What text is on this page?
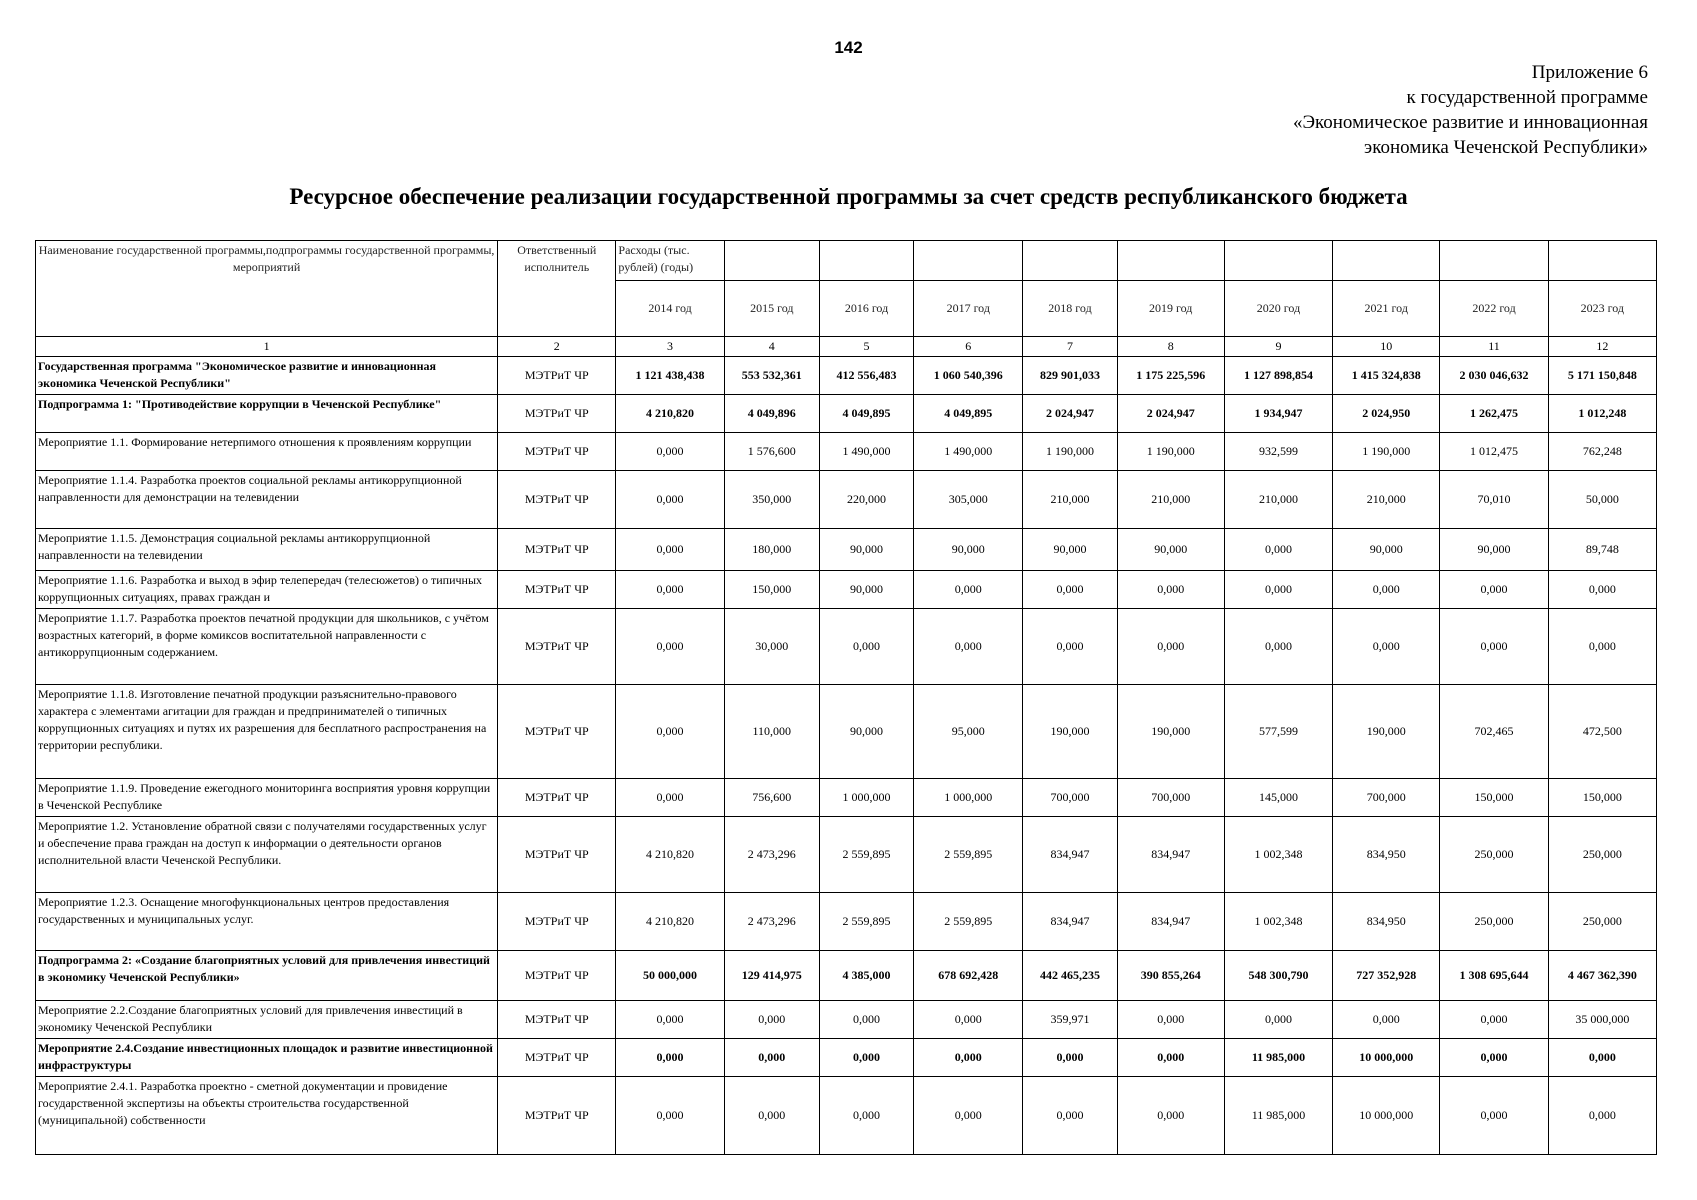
142
Приложение 6
к государственной программе
«Экономическое развитие и инновационная
экономика Чеченской Республики»
Ресурсное обеспечение реализации государственной программы за счет средств республиканского бюджета
Наименование государственной программы,подпрограммы государственной программы, мероприятий	Ответственный исполнитель	Расходы (тыс. рублей) (годы)									
		2014 год	2015 год	2016 год	2017 год	2018 год	2019 год	2020 год	2021 год	2022 год	2023 год
1	2	3	4	5	6	7	8	9	10	11	12
Государственная программа "Экономическое развитие и инновационная экономика Чеченской Республики"	МЭТРиТ ЧР	1 121 438,438	553 532,361	412 556,483	1 060 540,396	829 901,033	1 175 225,596	1 127 898,854	1 415 324,838	2 030 046,632	5 171 150,848
Подпрограмма 1: "Противодействие коррупции в Чеченской Республике"	МЭТРиТ ЧР	4 210,820	4 049,896	4 049,895	4 049,895	2 024,947	2 024,947	1 934,947	2 024,950	1 262,475	1 012,248
Мероприятие 1.1. Формирование нетерпимого отношения к проявлениям коррупции	МЭТРиТ ЧР	0,000	1 576,600	1 490,000	1 490,000	1 190,000	1 190,000	932,599	1 190,000	1 012,475	762,248
Мероприятие 1.1.4. Разработка проектов социальной рекламы антикоррупционной направленности для демонстрации на телевидении	МЭТРиТ ЧР	0,000	350,000	220,000	305,000	210,000	210,000	210,000	210,000	70,010	50,000
Мероприятие 1.1.5. Демонстрация социальной рекламы антикоррупционной направленности на телевидении	МЭТРиТ ЧР	0,000	180,000	90,000	90,000	90,000	90,000	0,000	90,000	90,000	89,748
Мероприятие 1.1.6. Разработка и выход в эфир телепередач (телесюжетов) о типичных коррупционных ситуациях, правах граждан и	МЭТРиТ ЧР	0,000	150,000	90,000	0,000	0,000	0,000	0,000	0,000	0,000	0,000
Мероприятие 1.1.7. Разработка проектов печатной продукции для школьников, с учётом возрастных категорий, в форме комиксов воспитательной направленности с антикоррупционным содержанием.	МЭТРиТ ЧР	0,000	30,000	0,000	0,000	0,000	0,000	0,000	0,000	0,000	0,000
Мероприятие 1.1.8. Изготовление печатной продукции разъяснительно-правового характера с элементами агитации для граждан и предпринимателей о типичных коррупционных ситуациях и путях их разрешения для бесплатного распространения на территории республики.	МЭТРиТ ЧР	0,000	110,000	90,000	95,000	190,000	190,000	577,599	190,000	702,465	472,500
Мероприятие 1.1.9. Проведение ежегодного мониторинга восприятия уровня коррупции в Чеченской Республике	МЭТРиТ ЧР	0,000	756,600	1 000,000	1 000,000	700,000	700,000	145,000	700,000	150,000	150,000
Мероприятие 1.2. Установление обратной связи с получателями государственных услуг и обеспечение права граждан на доступ к информации о деятельности органов исполнительной власти Чеченской Республики.	МЭТРиТ ЧР	4 210,820	2 473,296	2 559,895	2 559,895	834,947	834,947	1 002,348	834,950	250,000	250,000
Мероприятие 1.2.3. Оснащение многофункциональных центров предоставления государственных и муниципальных услуг.	МЭТРиТ ЧР	4 210,820	2 473,296	2 559,895	2 559,895	834,947	834,947	1 002,348	834,950	250,000	250,000
Подпрограмма 2: «Создание благоприятных условий для привлечения инвестиций в экономику Чеченской Республики»	МЭТРиТ ЧР	50 000,000	129 414,975	4 385,000	678 692,428	442 465,235	390 855,264	548 300,790	727 352,928	1 308 695,644	4 467 362,390
Мероприятие 2.2.Создание благоприятных условий для привлечения инвестиций в экономику Чеченской Республики	МЭТРиТ ЧР	0,000	0,000	0,000	0,000	359,971	0,000	0,000	0,000	0,000	35 000,000
Мероприятие 2.4.Создание инвестиционных площадок и развитие инвестиционной инфраструктуры	МЭТРиТ ЧР	0,000	0,000	0,000	0,000	0,000	0,000	11 985,000	10 000,000	0,000	0,000
Мероприятие 2.4.1. Разработка проектно - сметной документации и провидение государственной экспертизы на объекты строительства государственной (муниципальной) собственности	МЭТРиТ ЧР	0,000	0,000	0,000	0,000	0,000	0,000	11 985,000	10 000,000	0,000	0,000
